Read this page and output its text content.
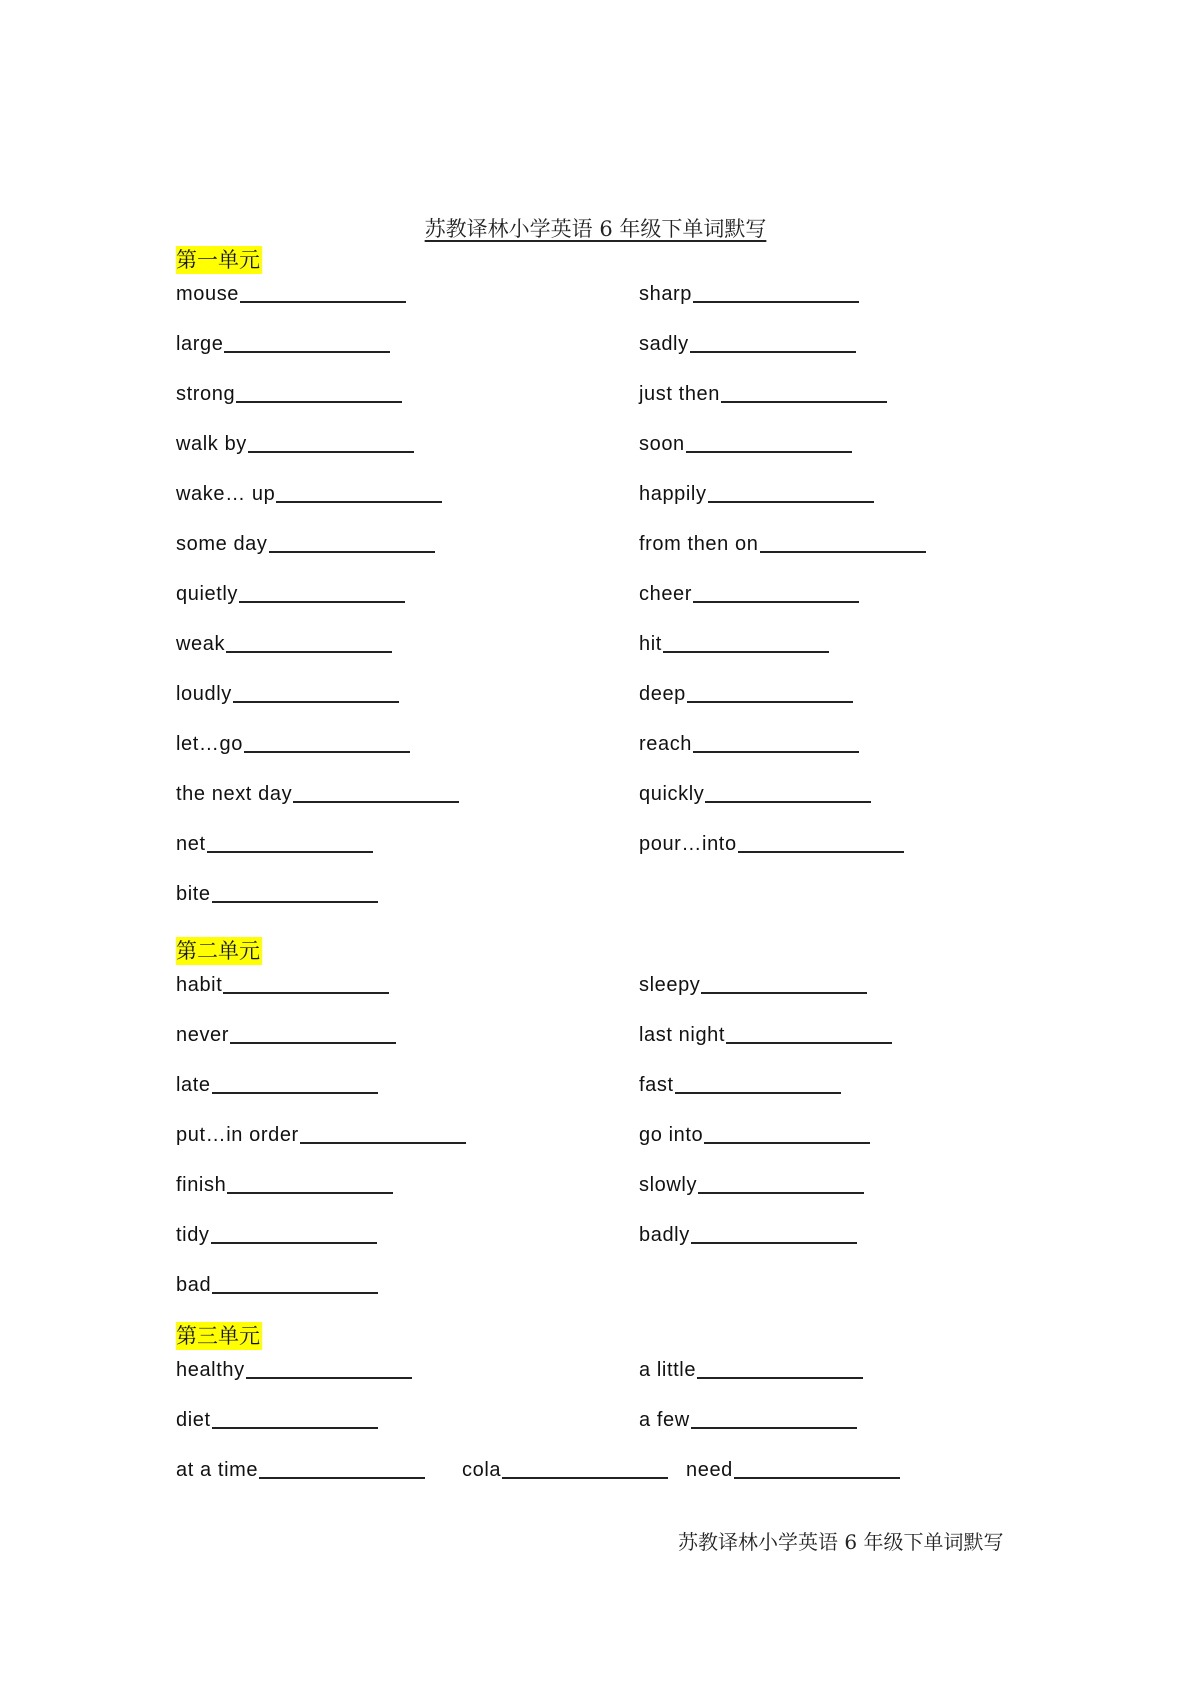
苏教译林小学英语 6 年级下单词默写
第一单元
mouse
large
strong
walk by
wake… up
some day
quietly
weak
loudly
let…go
the next day
net
bite
sharp
sadly
just then
soon
happily
from then on
cheer
hit
deep
reach
quickly
pour…into
第二单元
habit
never
late
put…in order
finish
tidy
bad
sleepy
last night
fast
go into
slowly
badly
第三单元
healthy
diet
a little
a few
at a time	cola	need
苏教译林小学英语 6 年级下单词默写
